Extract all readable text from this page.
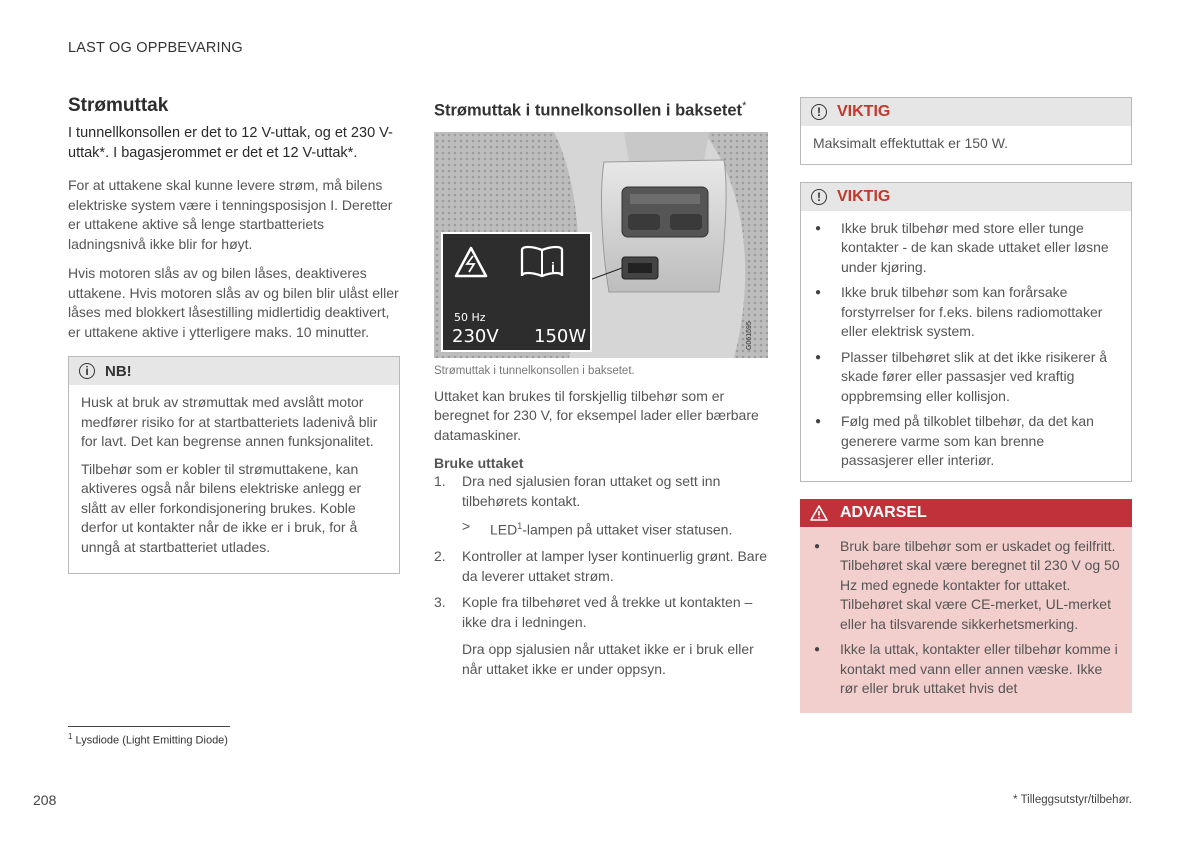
LAST OG OPPBEVARING
Strømuttak

I tunnellkonsollen er det to 12 V-uttak, og et 230 V-uttak*. I bagasjerommet er det et 12 V-uttak*.

For at uttakene skal kunne levere strøm, må bilens elektriske system være i tenningsposisjon I. Deretter er uttakene aktive så lenge startbatteriets ladningsnivå ikke blir for høyt.

Hvis motoren slås av og bilen låses, deaktiveres uttakene. Hvis motoren slås av og bilen blir ulåst eller låses med blokkert låsestilling midlertidig deaktivert, er uttakene aktive i ytterligere maks. 10 minutter.

i	NB!

Husk at bruk av strømuttak med avslått motor medfører risiko for at startbatteriets ladenivå blir for lavt. Det kan begrense annen funksjonalitet.

Tilbehør som er kobler til strømuttakene, kan aktiveres også når bilens elektriske anlegg er slått av eller forkondisjonering brukes. Koble derfor ut kontakter når de ikke er i bruk, for å unngå at startbatteriet utlades.

Strømuttak i tunnelkonsollen i baksetet*
i
50 Hz
230V 150W	G061595

Strømuttak i tunnelkonsollen i baksetet.

Uttaket kan brukes til forskjellig tilbehør som er beregnet for 230 V, for eksempel lader eller bærbare datamaskiner.

Bruke uttaket

1. Dra ned sjalusien foran uttaket og sett inn tilbehørets kontakt.
> $LED^1$-lampen på uttaket viser statusen.
2. Kontroller at lamper lyser kontinuerlig grønt. Bare da leverer uttaket strøm.
3. Kople fra tilbehøret ved å trekke ut kontakten – ikke dra i ledningen.
Dra opp sjalusien når uttaket ikke er i bruk eller når uttaket ikke er under oppsyn.
!	VIKTIG
Maksimalt effektuttak er 150 W.
!	VIKTIG
● Ikke bruk tilbehør med store eller tunge kontakter - de kan skade uttaket eller løsne under kjøring.
● Ikke bruk tilbehør som kan forårsake forstyrrelser for f.eks. bilens radiomottaker eller elektrisk system.
● Plasser tilbehøret slik at det ikke risikerer å skade fører eller passasjer ved kraftig oppbremsing eller kollisjon.
● Følg med på tilkoblet tilbehør, da det kan generere varme som kan brenne passasjerer eller interiør.
ADVARSEL
● Bruk bare tilbehør som er uskadet og feilfritt. Tilbehøret skal være beregnet til 230 V og 50 Hz med egnede kontakter for uttaket. Tilbehøret skal være CE-merket, UL-merket eller ha tilsvarende sikkerhetsmerking.
● Ikke la uttak, kontakter eller tilbehør komme i kontakt med vann eller annen væske. Ikke rør eller bruk uttaket hvis det
$^1$ Lysdiode (Light Emitting Diode)
208	* Tilleggsutstyr/tilbehør.
